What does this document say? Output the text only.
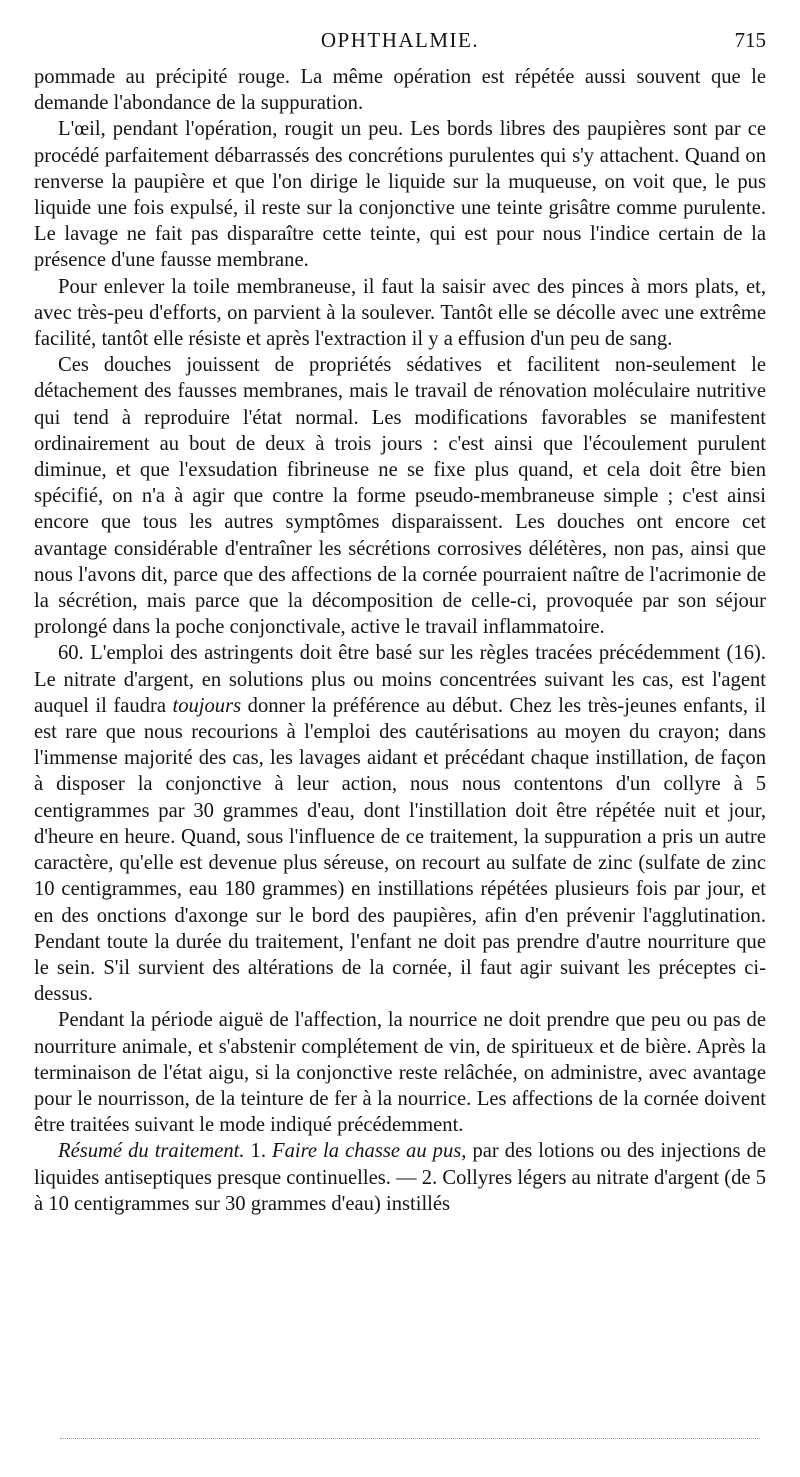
OPHTHALMIE.	715

pommade au précipité rouge. La même opération est répétée aussi souvent que le demande l'abondance de la suppuration.

L'œil, pendant l'opération, rougit un peu. Les bords libres des paupières sont par ce procédé parfaitement débarrassés des concrétions purulentes qui s'y attachent. Quand on renverse la paupière et que l'on dirige le liquide sur la muqueuse, on voit que, le pus liquide une fois expulsé, il reste sur la conjonctive une teinte grisâtre comme purulente. Le lavage ne fait pas disparaître cette teinte, qui est pour nous l'indice certain de la présence d'une fausse membrane.

Pour enlever la toile membraneuse, il faut la saisir avec des pinces à mors plats, et, avec très-peu d'efforts, on parvient à la soulever. Tantôt elle se décolle avec une extrême facilité, tantôt elle résiste et après l'extraction il y a effusion d'un peu de sang.

Ces douches jouissent de propriétés sédatives et facilitent non-seulement le détachement des fausses membranes, mais le travail de rénovation moléculaire nutritive qui tend à reproduire l'état normal. Les modifications favorables se manifestent ordinairement au bout de deux à trois jours : c'est ainsi que l'écoulement purulent diminue, et que l'exsudation fibrineuse ne se fixe plus quand, et cela doit être bien spécifié, on n'a à agir que contre la forme pseudo-membraneuse simple ; c'est ainsi encore que tous les autres symptômes disparaissent. Les douches ont encore cet avantage considérable d'entraîner les sécrétions corrosives délétères, non pas, ainsi que nous l'avons dit, parce que des affections de la cornée pourraient naître de l'acrimonie de la sécrétion, mais parce que la décomposition de celle-ci, provoquée par son séjour prolongé dans la poche conjonctivale, active le travail inflammatoire.

60. L'emploi des astringents doit être basé sur les règles tracées précédemment (16). Le nitrate d'argent, en solutions plus ou moins concentrées suivant les cas, est l'agent auquel il faudra toujours donner la préférence au début. Chez les très-jeunes enfants, il est rare que nous recourions à l'emploi des cautérisations au moyen du crayon; dans l'immense majorité des cas, les lavages aidant et précédant chaque instillation, de façon à disposer la conjonctive à leur action, nous nous contentons d'un collyre à 5 centigrammes par 30 grammes d'eau, dont l'instillation doit être répétée nuit et jour, d'heure en heure. Quand, sous l'influence de ce traitement, la suppuration a pris un autre caractère, qu'elle est devenue plus séreuse, on recourt au sulfate de zinc (sulfate de zinc 10 centigrammes, eau 180 grammes) en instillations répétées plusieurs fois par jour, et en des onctions d'axonge sur le bord des paupières, afin d'en prévenir l'agglutination. Pendant toute la durée du traitement, l'enfant ne doit pas prendre d'autre nourriture que le sein. S'il survient des altérations de la cornée, il faut agir suivant les préceptes ci-dessus.

Pendant la période aiguë de l'affection, la nourrice ne doit prendre que peu ou pas de nourriture animale, et s'abstenir complétement de vin, de spiritueux et de bière. Après la terminaison de l'état aigu, si la conjonctive reste relâchée, on administre, avec avantage pour le nourrisson, de la teinture de fer à la nourrice. Les affections de la cornée doivent être traitées suivant le mode indiqué précédemment.

Résumé du traitement. 1. Faire la chasse au pus, par des lotions ou des injections de liquides antiseptiques presque continuelles. — 2. Collyres légers au nitrate d'argent (de 5 à 10 centigrammes sur 30 grammes d'eau) instillés
